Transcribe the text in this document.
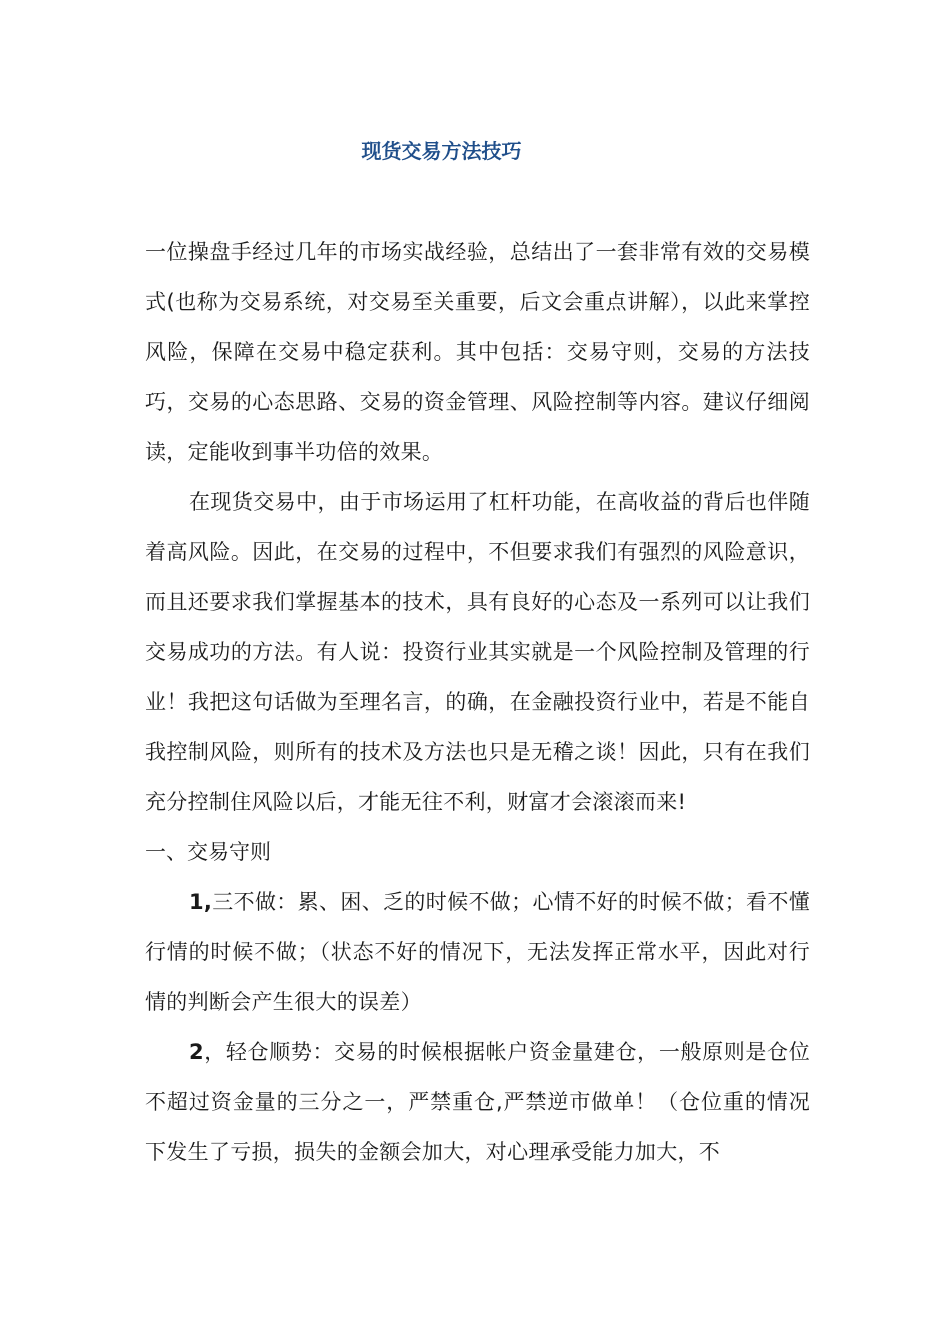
现货交易方法技巧

一位操盘手经过几年的市场实战经验，总结出了一套非常有效的交易模式(也称为交易系统，对交易至关重要，后文会重点讲解），以此来掌控风险，保障在交易中稳定获利。其中包括：交易守则，交易的方法技巧，交易的心态思路、交易的资金管理、风险控制等内容。建议仔细阅读，定能收到事半功倍的效果。

在现货交易中，由于市场运用了杠杆功能，在高收益的背后也伴随着高风险。因此，在交易的过程中，不但要求我们有强烈的风险意识，而且还要求我们掌握基本的技术，具有良好的心态及一系列可以让我们交易成功的方法。有人说：投资行业其实就是一个风险控制及管理的行业！我把这句话做为至理名言，的确，在金融投资行业中，若是不能自我控制风险，则所有的技术及方法也只是无稽之谈！因此，只有在我们充分控制住风险以后，才能无往不利，财富才会滚滚而来!

一、交易守则

1,三不做：累、困、乏的时候不做；心情不好的时候不做；看不懂行情的时候不做；（状态不好的情况下，无法发挥正常水平，因此对行情的判断会产生很大的误差）

2，轻仓顺势：交易的时候根据帐户资金量建仓，一般原则是仓位不超过资金量的三分之一，严禁重仓,严禁逆市做单！（仓位重的情况下发生了亏损，损失的金额会加大，对心理承受能力加大，不
